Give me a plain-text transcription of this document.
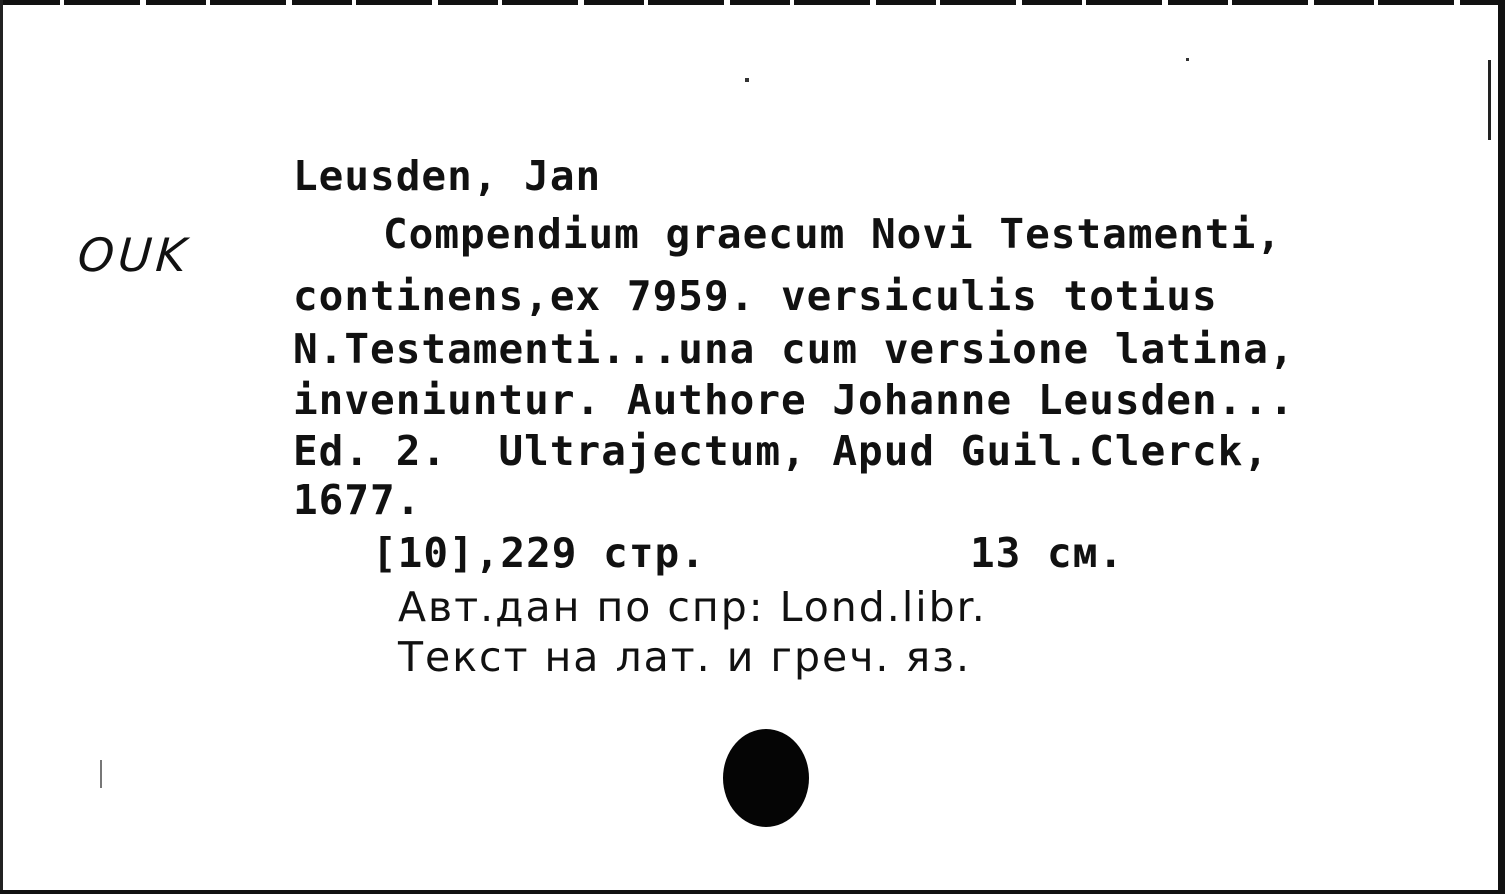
OUK

Leusden, Jan

Compendium graecum Novi Testamenti,

continens,ex 7959. versiculis totius

N.Testamenti...una cum versione latina,

inveniuntur. Authore Johanne Leusden...

Ed. 2.  Ultrajectum, Apud Guil.Clerck,

1677.

[10],229 стр.	13 см.

Авт.дан по спр: Lond.libr.

Текст на лат. и греч. яз.
